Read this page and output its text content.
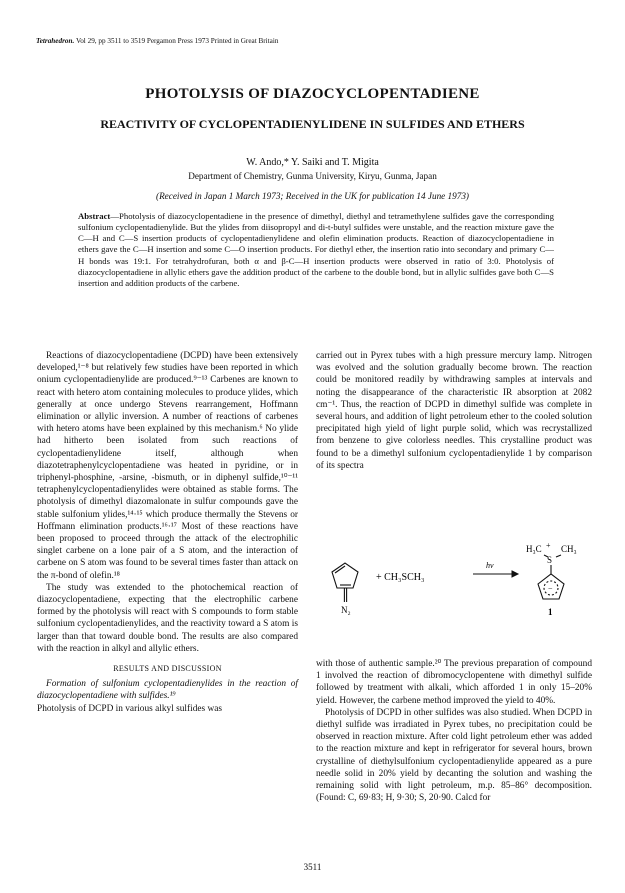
Tetrahedron. Vol 29, pp 3511 to 3519 Pergamon Press 1973 Printed in Great Britain
PHOTOLYSIS OF DIAZOCYCLOPENTADIENE
REACTIVITY OF CYCLOPENTADIENYLIDENE IN SULFIDES AND ETHERS
W. Ando,* Y. Saiki and T. Migita
Department of Chemistry, Gunma University, Kiryu, Gunma, Japan
(Received in Japan 1 March 1973; Received in the UK for publication 14 June 1973)
Abstract—Photolysis of diazocyclopentadiene in the presence of dimethyl, diethyl and tetramethylene sulfides gave the corresponding sulfonium cyclopentadienylide. But the ylides from diisopropyl and di-t-butyl sulfides were unstable, and the reaction mixture gave the C—H and C—S insertion products of cyclopentadienylidene and olefin elimination products. Reaction of diazocyclopentadiene in ethers gave the C—H insertion and some C—O insertion products. For diethyl ether, the insertion ratio into secondary and primary C—H bonds was 19:1. For tetrahydrofuran, both α and β-C—H insertion products were observed in ratio of 3:0. Photolysis of diazocyclopentadiene in allylic ethers gave the addition product of the carbene to the double bond, but in allylic sulfides gave both C—S insertion and addition products of the carbene.

Reactions of diazocyclopentadiene (DCPD) have been extensively developed,¹⁻⁸ but relatively few studies have been reported in which onium cyclopentadienylide are produced.⁹⁻¹³ Carbenes are known to react with hetero atom containing molecules to produce ylides, which generally at once undergo Stevens rearrangement, Hoffmann elimination or allylic inversion. A number of reactions of carbenes with hetero atoms have been explained by this mechanism.⁶ No ylide had hitherto been isolated from such reactions of cyclopentadienylidene itself, although when diazotetraphenylcyclopentadiene was heated in pyridine, or in triphenyl-phosphine, -arsine, -bismuth, or in diphenyl sulfide,¹⁰⁻¹¹ tetraphenylcyclopentadienylides were obtained as stable forms. The photolysis of dimethyl diazomalonate in sulfur compounds gave the stable sulfonium ylides,¹⁴·¹⁵ which produce thermally the Stevens or Hoffmann elimination products.¹⁶·¹⁷ Most of these reactions have been proposed to proceed through the attack of the electrophilic singlet carbene on a lone pair of a S atom, and the interaction of carbene on S atom was found to be several times faster than attack on the π-bond of olefin.¹⁸

The study was extended to the photochemical reaction of diazocyclopentadiene, expecting that the electrophilic carbene formed by the photolysis will react with S compounds to form stable sulfonium cyclopentadienylides, and the reactivity toward a S atom is larger than that toward double bond. The results are also compared with the reaction in alkyl and allylic ethers.

RESULTS AND DISCUSSION

Formation of sulfonium cyclopentadienylides in the reaction of diazocyclopentadiene with sulfides.¹⁹

Photolysis of DCPD in various alkyl sulfides was

carried out in Pyrex tubes with a high pressure mercury lamp. Nitrogen was evolved and the solution gradually become brown. The reaction could be monitored readily by withdrawing samples at intervals and noting the disappearance of the characteristic IR absorption at 2082 cm⁻¹. Thus, the reaction of DCPD in dimethyl sulfide was complete in several hours, and addition of light petroleum ether to the cooled solution precipitated high yield of light purple solid, which was recrystallized from benzene to give colorless needles. This crystalline product was found to be a dimethyl sulfonium cyclopentadienylide 1 by comparison of its spectra

N₂
+ CH₃SCH₃
hν
H₃C + CH₃
S
−
1

with those of authentic sample.²⁰ The previous preparation of compound 1 involved the reaction of dibromocyclopentene with dimethyl sulfide followed by treatment with alkali, which afforded 1 in only 15–20% yield. However, the carbene method improved the yield to 40%.

Photolysis of DCPD in other sulfides was also studied. When DCPD in diethyl sulfide was irradiated in Pyrex tubes, no precipitation could be observed in reaction mixture. After cold light petroleum ether was added to the reaction mixture and kept in refrigerator for several hours, brown crystalline of diethylsulfonium cyclopentadienylide appeared as a pure needle solid in 20% yield by decanting the solution and washing the remaining solid with light petroleum, m.p. 85–86° decomposition. (Found: C, 69·83; H, 9·30; S, 20·90. Calcd for

3511
